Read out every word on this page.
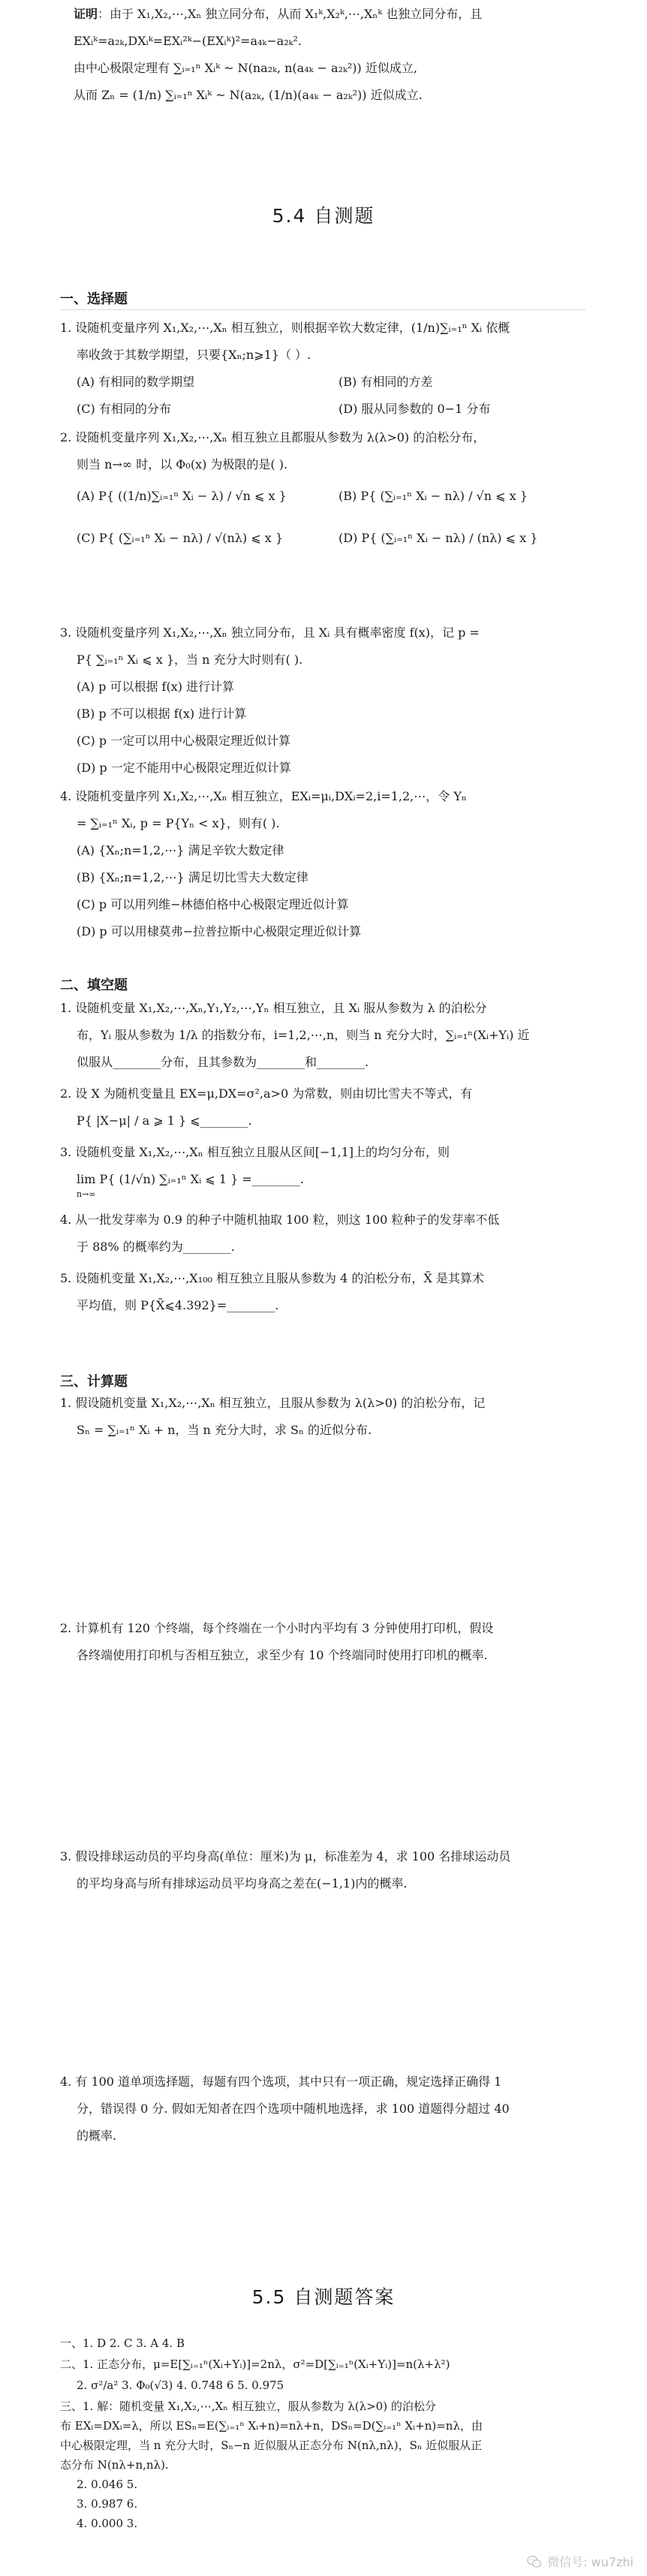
证明：由于 X₁,X₂,⋯,Xₙ 独立同分布，从而 X₁ᵏ,X₂ᵏ,⋯,Xₙᵏ 也独立同分布，且
EXᵢᵏ=a₂ₖ,DXᵢᵏ=EXᵢ²ᵏ−(EXᵢᵏ)²=a₄ₖ−a₂ₖ².
由中心极限定理有 ∑ᵢ₌₁ⁿ Xᵢᵏ ~ N(na₂ₖ, n(a₄ₖ − a₂ₖ²)) 近似成立,
从而 Zₙ = (1/n) ∑ᵢ₌₁ⁿ Xᵢᵏ ~ N(a₂ₖ, (1/n)(a₄ₖ − a₂ₖ²)) 近似成立.
5.4 自测题
一、选择题
1. 设随机变量序列 X₁,X₂,⋯,Xₙ 相互独立，则根据辛钦大数定律，(1/n)∑ᵢ₌₁ⁿ Xᵢ 依概
率收敛于其数学期望，只要{Xₙ;n⩾1}（ ）.
(A) 有相同的数学期望	(B) 有相同的方差
(C) 有相同的分布	(D) 服从同参数的 0−1 分布
2. 设随机变量序列 X₁,X₂,⋯,Xₙ 相互独立且都服从参数为 λ(λ>0) 的泊松分布，
则当 n→∞ 时，以 Φ₀(x) 为极限的是( ).
(A) P{ ((1/n)∑ᵢ₌₁ⁿ Xᵢ − λ) / √n ⩽ x }	(B) P{ (∑ᵢ₌₁ⁿ Xᵢ − nλ) / √n ⩽ x }
(C) P{ (∑ᵢ₌₁ⁿ Xᵢ − nλ) / √(nλ) ⩽ x }	(D) P{ (∑ᵢ₌₁ⁿ Xᵢ − nλ) / (nλ) ⩽ x }
3. 设随机变量序列 X₁,X₂,⋯,Xₙ 独立同分布，且 Xᵢ 具有概率密度 f(x)，记 p =
P{ ∑ᵢ₌₁ⁿ Xᵢ ⩽ x }，当 n 充分大时则有( ).
(A) p 可以根据 f(x) 进行计算
(B) p 不可以根据 f(x) 进行计算
(C) p 一定可以用中心极限定理近似计算
(D) p 一定不能用中心极限定理近似计算
4. 设随机变量序列 X₁,X₂,⋯,Xₙ 相互独立，EXᵢ=μᵢ,DXᵢ=2,i=1,2,⋯，令 Yₙ
= ∑ᵢ₌₁ⁿ Xᵢ, p = P{Yₙ < x}，则有( ).
(A) {Xₙ;n=1,2,⋯} 满足辛钦大数定律
(B) {Xₙ;n=1,2,⋯} 满足切比雪夫大数定律
(C) p 可以用列维−林德伯格中心极限定理近似计算
(D) p 可以用棣莫弗−拉普拉斯中心极限定理近似计算
二、填空题
1. 设随机变量 X₁,X₂,⋯,Xₙ,Y₁,Y₂,⋯,Yₙ 相互独立，且 Xᵢ 服从参数为 λ 的泊松分
布，Yᵢ 服从参数为 1/λ 的指数分布，i=1,2,⋯,n，则当 n 充分大时，∑ᵢ₌₁ⁿ(Xᵢ+Yᵢ) 近
似服从________分布，且其参数为________和________.
2. 设 X 为随机变量且 EX=μ,DX=σ²,a>0 为常数，则由切比雪夫不等式，有
P{ |X−μ| / a ⩾ 1 } ⩽________.
3. 设随机变量 X₁,X₂,⋯,Xₙ 相互独立且服从区间[−1,1]上的均匀分布，则
lim P{ (1/√n) ∑ᵢ₌₁ⁿ Xᵢ ⩽ 1 } =________.
n→∞
4. 从一批发芽率为 0.9 的种子中随机抽取 100 粒，则这 100 粒种子的发芽率不低
于 88% 的概率约为________.
5. 设随机变量 X₁,X₂,⋯,X₁₀₀ 相互独立且服从参数为 4 的泊松分布，X̄ 是其算术
平均值，则 P{X̄⩽4.392}=________.
三、计算题
1. 假设随机变量 X₁,X₂,⋯,Xₙ 相互独立，且服从参数为 λ(λ>0) 的泊松分布，记
Sₙ = ∑ᵢ₌₁ⁿ Xᵢ + n，当 n 充分大时，求 Sₙ 的近似分布.
2. 计算机有 120 个终端，每个终端在一个小时内平均有 3 分钟使用打印机，假设
各终端使用打印机与否相互独立，求至少有 10 个终端同时使用打印机的概率.
3. 假设排球运动员的平均身高(单位：厘米)为 μ，标准差为 4，求 100 名排球运动员
的平均身高与所有排球运动员平均身高之差在(−1,1)内的概率.
4. 有 100 道单项选择题，每题有四个选项，其中只有一项正确，规定选择正确得 1
分，错误得 0 分. 假如无知者在四个选项中随机地选择，求 100 道题得分超过 40
的概率.
5.5 自测题答案
一、1. D 2. C 3. A 4. B
二、1. 正态分布，μ=E[∑ᵢ₌₁ⁿ(Xᵢ+Yᵢ)]=2nλ，σ²=D[∑ᵢ₌₁ⁿ(Xᵢ+Yᵢ)]=n(λ+λ²)
2. σ²/a² 3. Φ₀(√3) 4. 0.748 6 5. 0.975
三、1. 解：随机变量 X₁,X₂,⋯,Xₙ 相互独立，服从参数为 λ(λ>0) 的泊松分
布 EXᵢ=DXᵢ=λ，所以 ESₙ=E(∑ᵢ₌₁ⁿ Xᵢ+n)=nλ+n，DSₙ=D(∑ᵢ₌₁ⁿ Xᵢ+n)=nλ，由
中心极限定理，当 n 充分大时，Sₙ−n 近似服从正态分布 N(nλ,nλ)，Sₙ 近似服从正
态分布 N(nλ+n,nλ).
2. 0.046 5.
3. 0.987 6.
4. 0.000 3.
微信号: wu7zhi
